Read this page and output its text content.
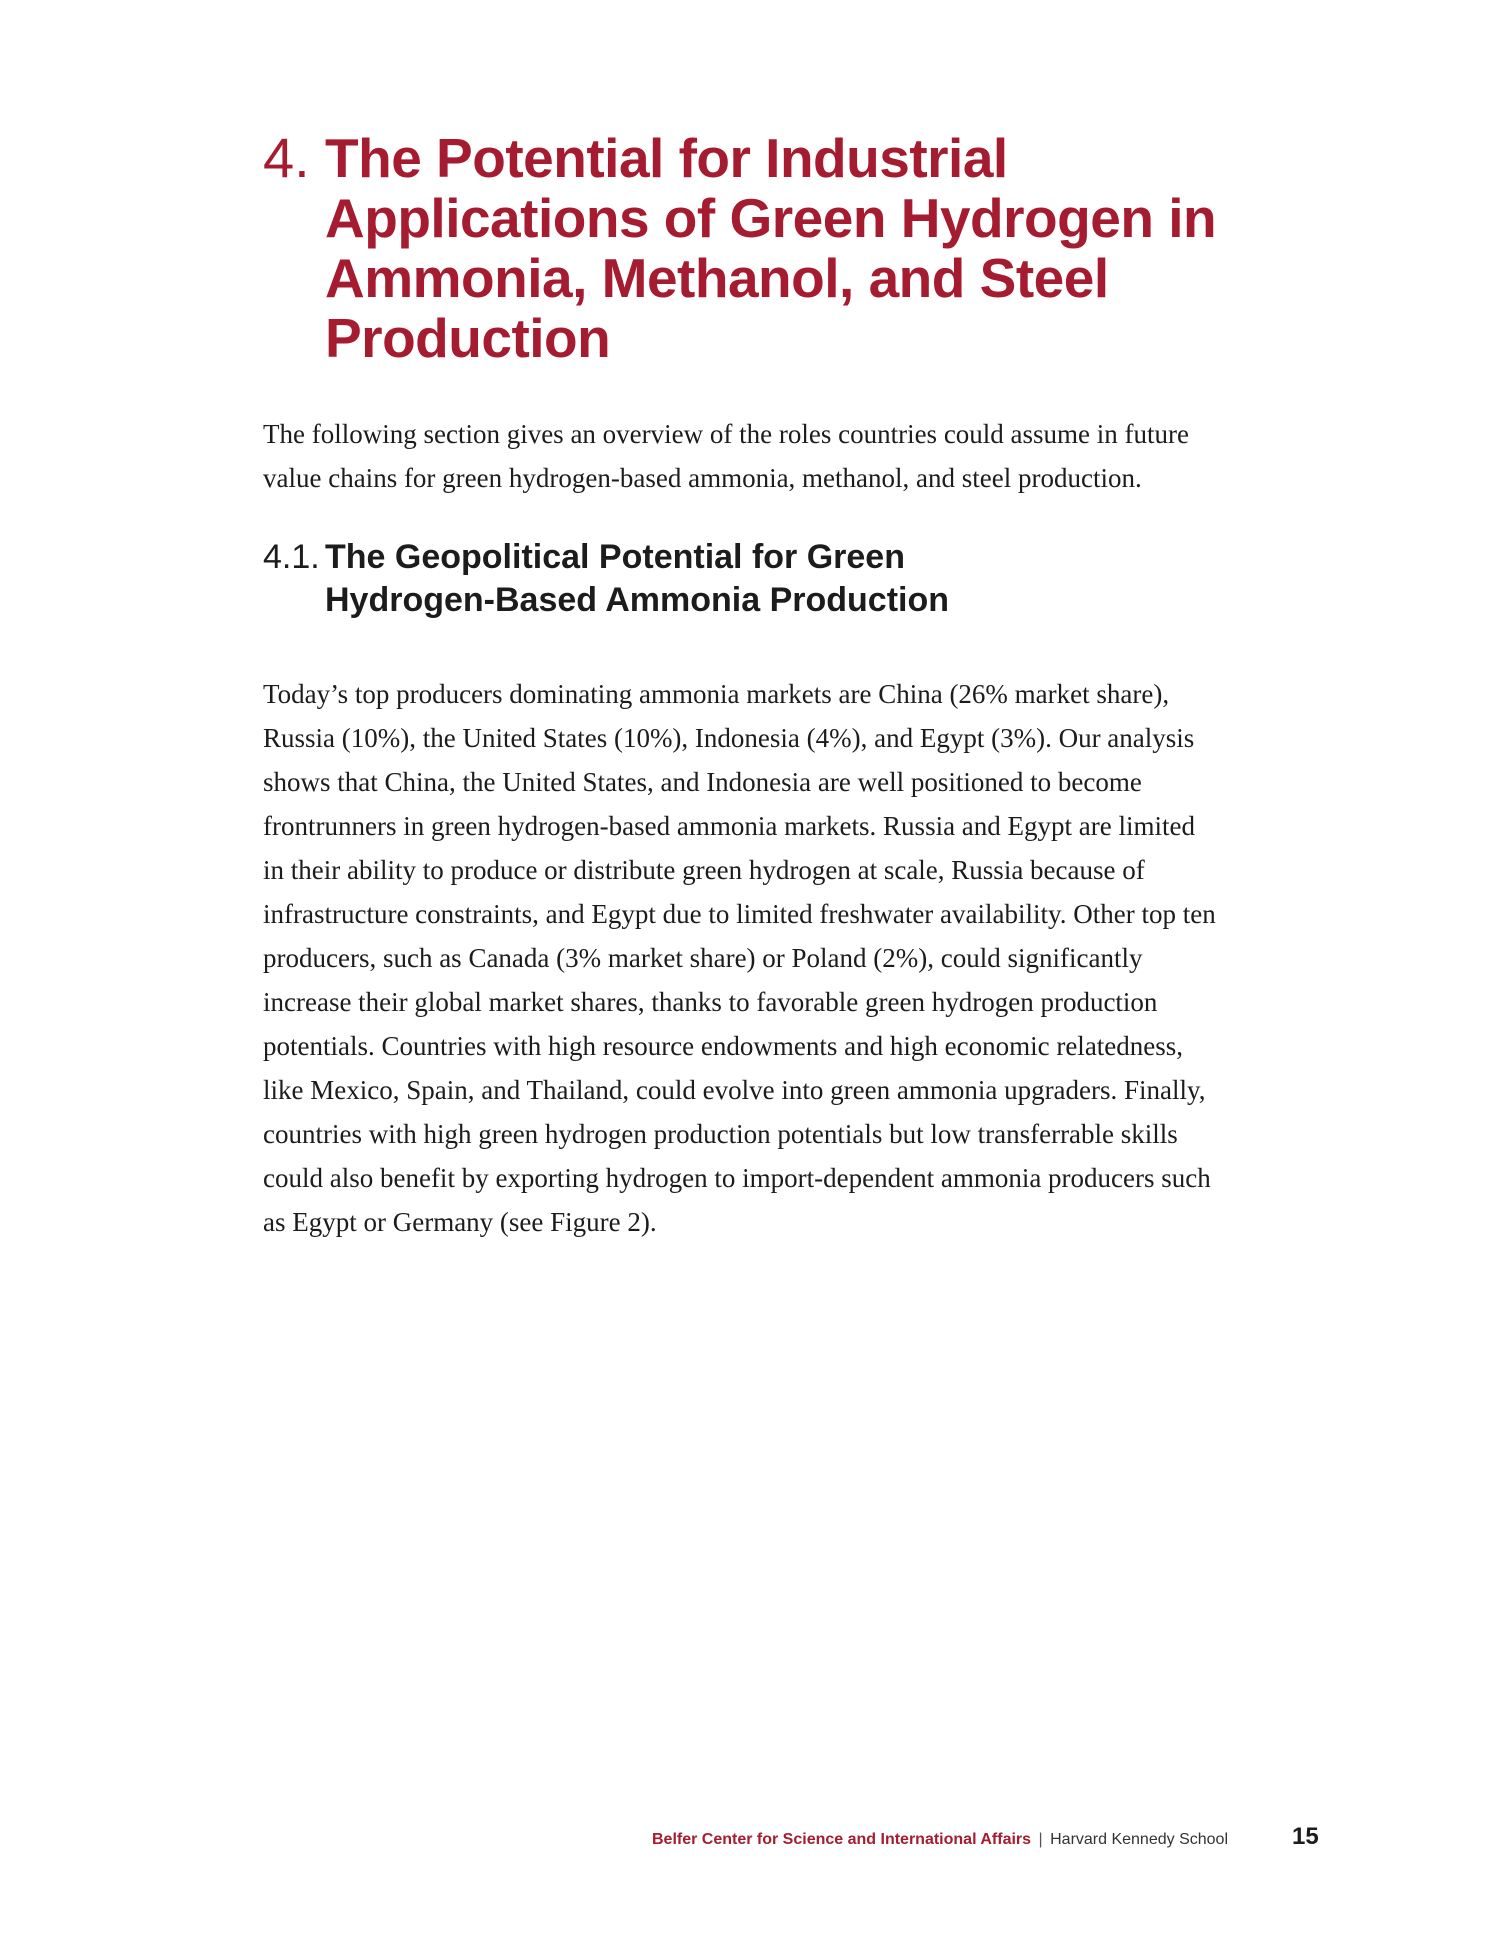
4. The Potential for Industrial Applications of Green Hydrogen in Ammonia, Methanol, and Steel Production

The following section gives an overview of the roles countries could assume in future value chains for green hydrogen-based ammonia, methanol, and steel production.

4.1. The Geopolitical Potential for Green Hydrogen-Based Ammonia Production

Today’s top producers dominating ammonia markets are China (26% market share), Russia (10%), the United States (10%), Indonesia (4%), and Egypt (3%). Our analysis shows that China, the United States, and Indonesia are well positioned to become frontrunners in green hydrogen-based ammonia markets. Russia and Egypt are limited in their ability to produce or distribute green hydrogen at scale, Russia because of infrastructure constraints, and Egypt due to limited freshwater availability. Other top ten producers, such as Canada (3% market share) or Poland (2%), could significantly increase their global market shares, thanks to favorable green hydrogen production potentials. Countries with high resource endowments and high economic relatedness, like Mexico, Spain, and Thailand, could evolve into green ammonia upgraders. Finally, countries with high green hydrogen production potentials but low transferrable skills could also benefit by exporting hydrogen to import-dependent ammonia producers such as Egypt or Germany (see Figure 2).

Belfer Center for Science and International Affairs | Harvard Kennedy School	15
